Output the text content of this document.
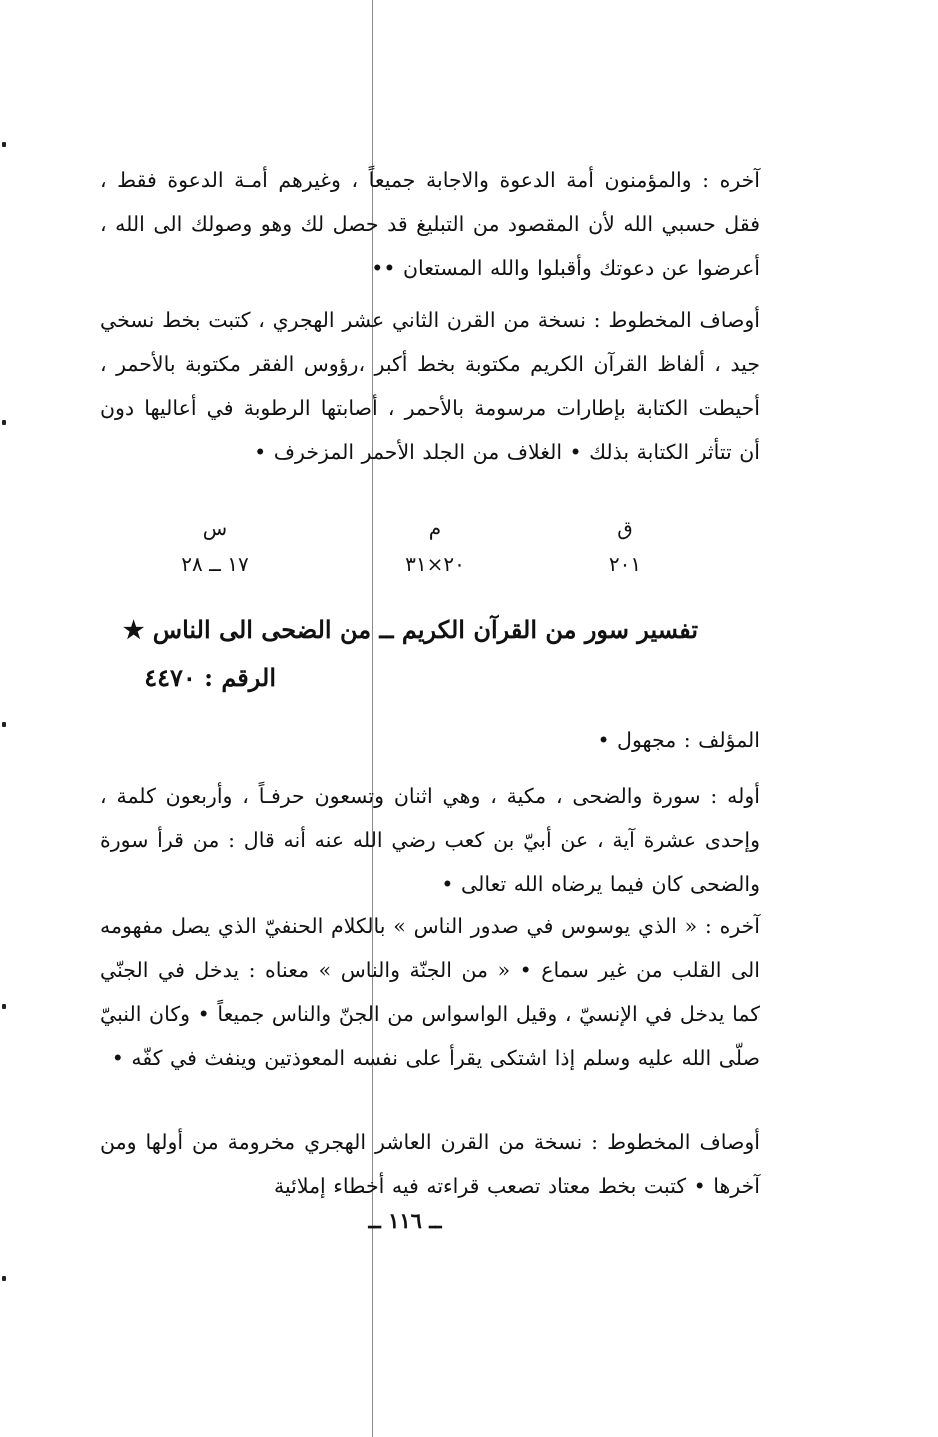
آخره : والمؤمنون أمة الدعوة والاجابة جميعاً ، وغيرهم أمـة الدعوة فقط ، فقل حسبي الله لأن المقصود من التبليغ قد حصل لك وهو وصولك الى الله ، أعرضوا عن دعوتك وأقبلوا والله المستعان ••

أوصاف المخطوط : نسخة من القرن الثاني عشر الهجري ، كتبت بخط نسخي جيد ، ألفاظ القرآن الكريم مكتوبة بخط أكبر ،رؤوس الفقر مكتوبة بالأحمر ، أحيطت الكتابة بإطارات مرسومة بالأحمر ، أصابتها الرطوبة في أعاليها دون أن تتأثر الكتابة بذلك • الغلاف من الجلد الأحمر المزخرف •

ق
٢٠١
م
٢٠×٣١
س
١٧ ــ ٢٨
تفسير سور من القرآن الكريم ــ من الضحى الى الناس ★
الرقم : ٤٤٧٠

المؤلف : مجهول •

أوله : سورة والضحى ، مكية ، وهي اثنان وتسعون حرفـاً ، وأربعون كلمة ، وإحدى عشرة آية ، عن أبيّ بن كعب رضي الله عنه أنه قال : من قرأ سورة والضحى كان فيما يرضاه الله تعالى •

آخره : « الذي يوسوس في صدور الناس » بالكلام الحنفيّ الذي يصل مفهومه الى القلب من غير سماع • « من الجنّة والناس » معناه : يدخل في الجنّي كما يدخل في الإنسيّ ، وقيل الواسواس من الجنّ والناس جميعاً • وكان النبيّ صلّى الله عليه وسلم إذا اشتكى يقرأ على نفسه المعوذتين وينفث في كفّه •

أوصاف المخطوط : نسخة من القرن العاشر الهجري مخرومة من أولها ومن آخرها • كتبت بخط معتاد تصعب قراءته فيه أخطاء إملائية

ــ ١١٦ ــ
